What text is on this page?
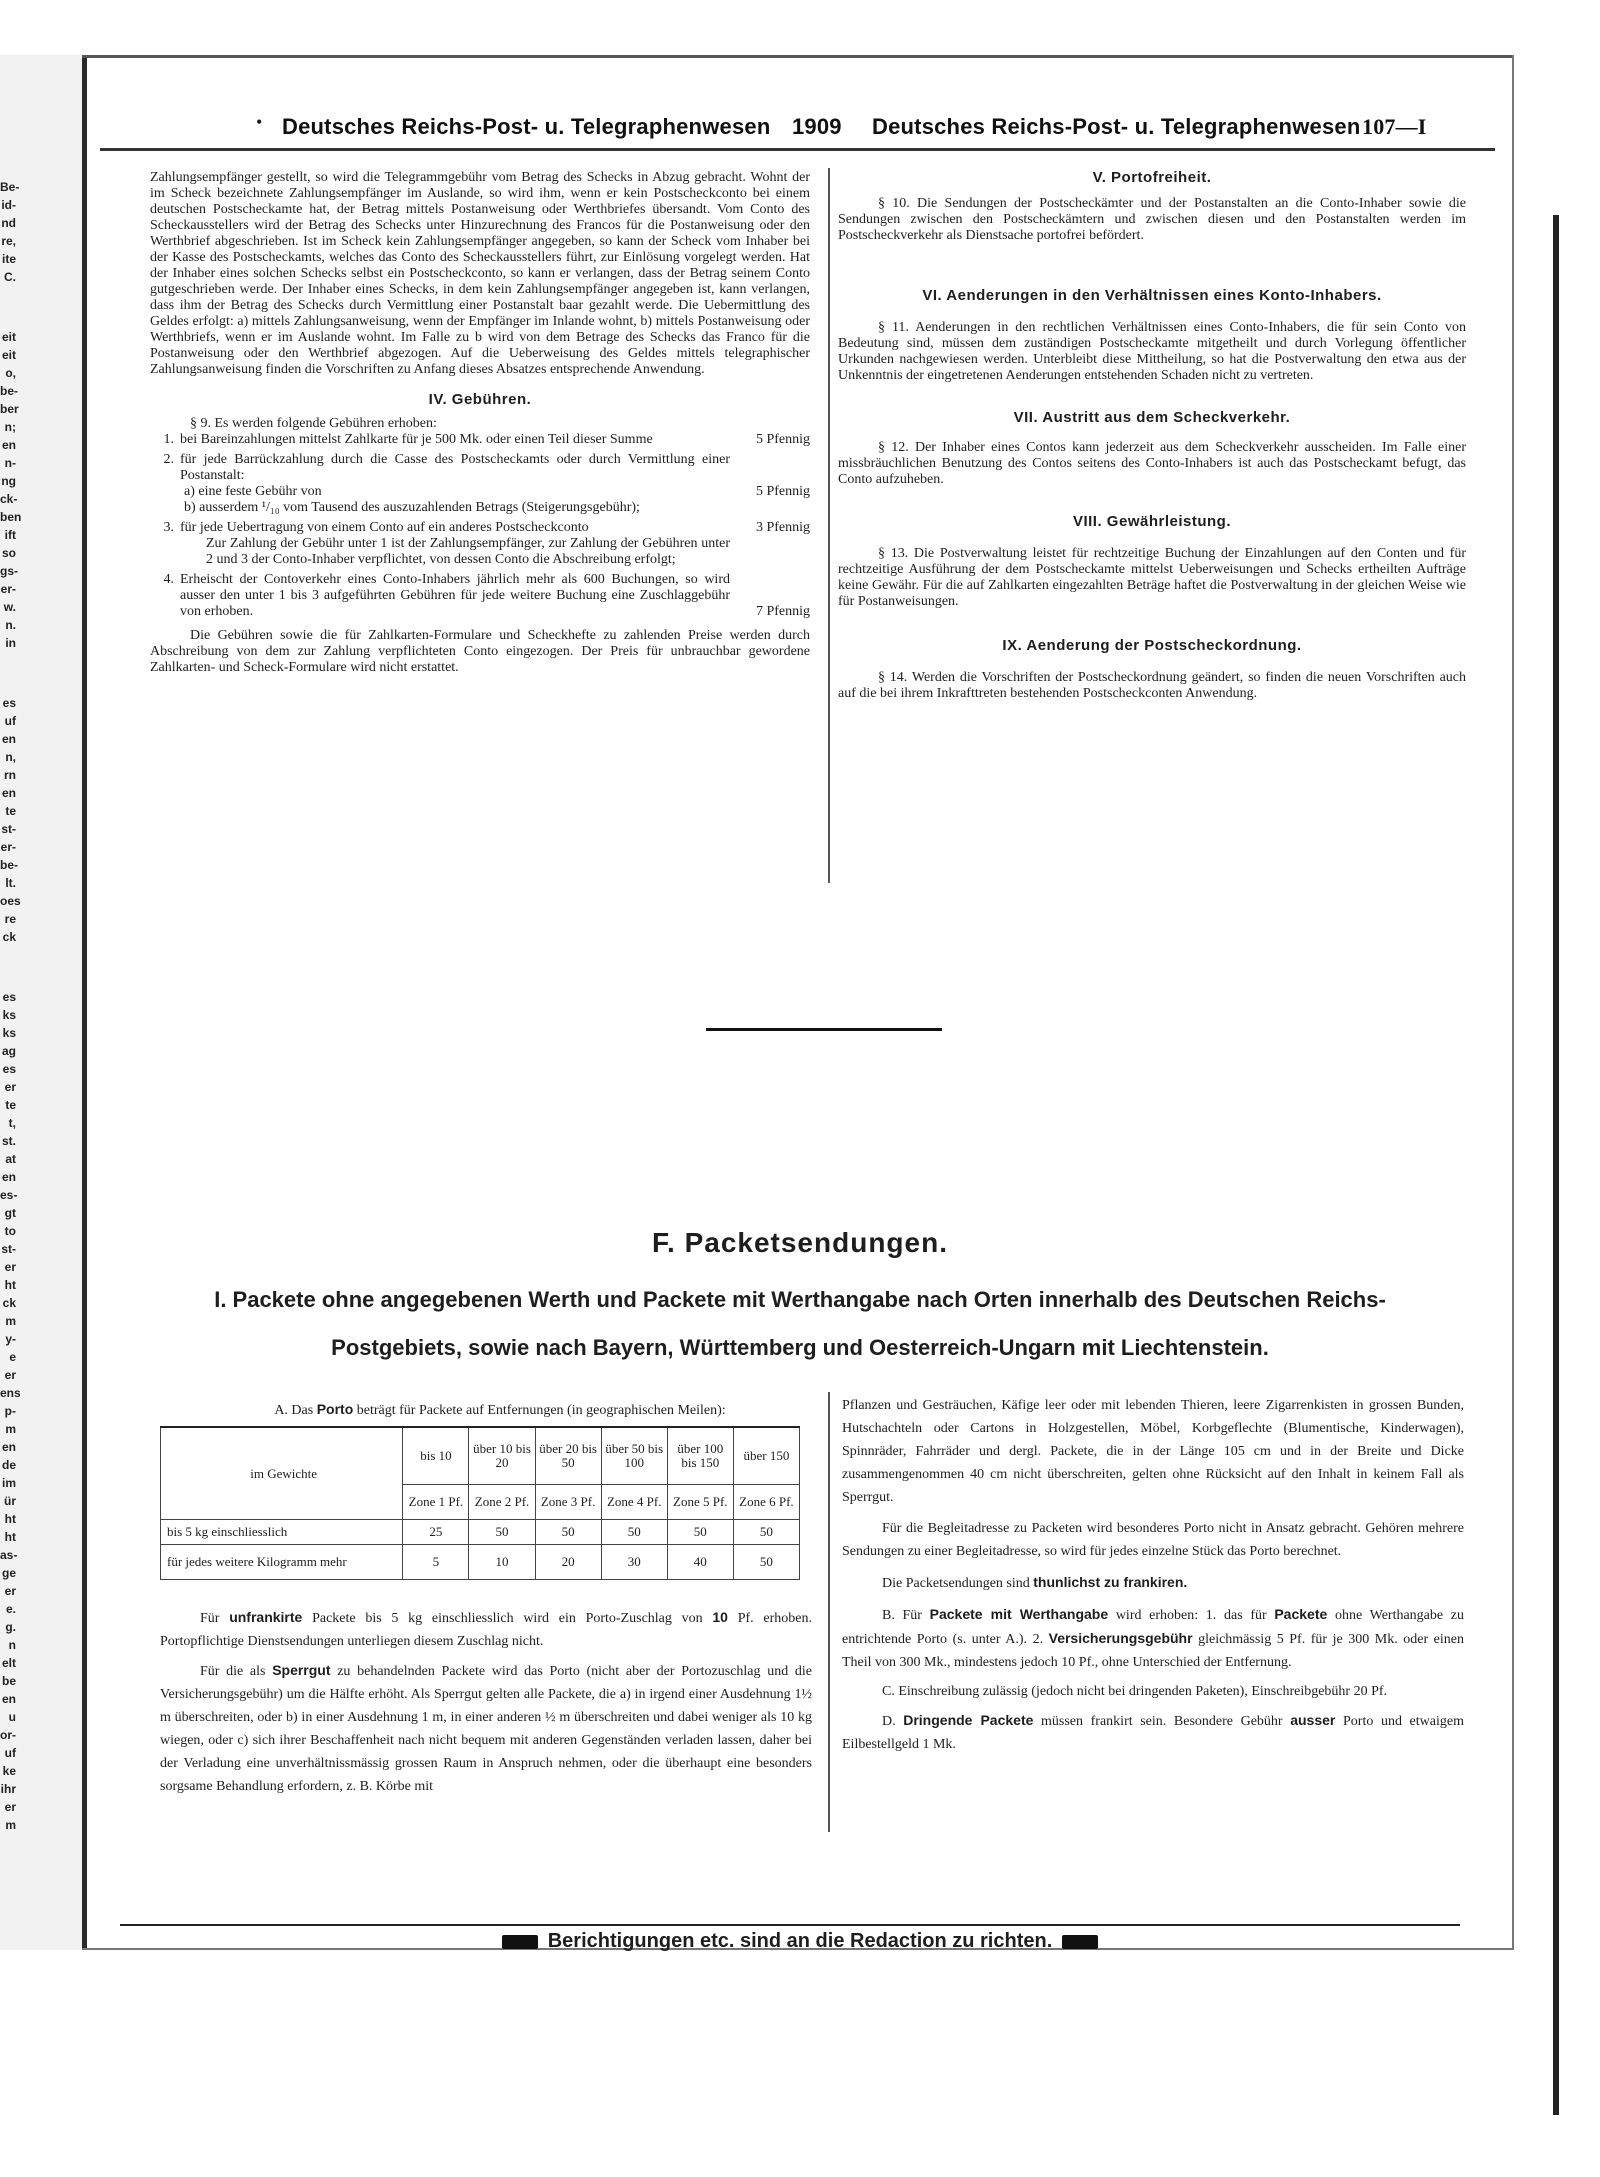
Be-
id-
nd
re,
ite
C.
eit
eit
o,
be-
ber
n;
en
n-
ng
ck-
ben
ift
so
gs-
er-
w.
n.
in
es
uf
en
n,
rn
en
te
st-
er-
be-
lt.
oes
re
ck
es
ks
ks
ag
es
er
te
t,
st.
at
en
es-
gt
to
st-
er
ht
ck
m
y-
e
er
ens
p-
m
en
de
im
ür
ht
ht
as-
ge
er
e.
g.
n
elt
be
en
u
or-
uf
ke
ihr
er
m
• Deutsches Reichs-Post- u. Telegraphenwesen 1909 Deutsches Reichs-Post- u. Telegraphenwesen 107—I

Zahlungsempfänger gestellt, so wird die Telegrammgebühr vom Betrag des Schecks in Abzug gebracht. Wohnt der im Scheck bezeichnete Zahlungsempfänger im Auslande, so wird ihm, wenn er kein Postscheckconto bei einem deutschen Postscheckamte hat, der Betrag mittels Postanweisung oder Werthbriefes übersandt. Vom Conto des Scheckausstellers wird der Betrag des Schecks unter Hinzurechnung des Francos für die Postanweisung oder den Werthbrief abgeschrieben. Ist im Scheck kein Zahlungsempfänger angegeben, so kann der Scheck vom Inhaber bei der Kasse des Postscheckamts, welches das Conto des Scheckausstellers führt, zur Einlösung vorgelegt werden. Hat der Inhaber eines solchen Schecks selbst ein Postscheckconto, so kann er verlangen, dass der Betrag seinem Conto gutgeschrieben werde. Der Inhaber eines Schecks, in dem kein Zahlungsempfänger angegeben ist, kann verlangen, dass ihm der Betrag des Schecks durch Vermittlung einer Postanstalt baar gezahlt werde. Die Uebermittlung des Geldes erfolgt: a) mittels Zahlungsanweisung, wenn der Empfänger im Inlande wohnt, b) mittels Postanweisung oder Werthbriefs, wenn er im Auslande wohnt. Im Falle zu b wird von dem Betrage des Schecks das Franco für die Postanweisung oder den Werthbrief abgezogen. Auf die Ueberweisung des Geldes mittels telegraphischer Zahlungsanweisung finden die Vorschriften zu Anfang dieses Absatzes entsprechende Anwendung.

IV. Gebühren.

§ 9. Es werden folgende Gebühren erhoben:

1. bei Bareinzahlungen mittelst Zahlkarte für je 500 Mk. oder einen Teil dieser Summe	5 Pfennig
2. für jede Barrückzahlung durch die Casse des Postscheckamts oder durch Vermittlung einer Postanstalt:
a) eine feste Gebühr von	5 Pfennig
b) ausserdem ¹/₁₀ vom Tausend des auszuzahlenden Betrags (Steigerungsgebühr);
3. für jede Uebertragung von einem Conto auf ein anderes Postscheckconto	3 Pfennig
Zur Zahlung der Gebühr unter 1 ist der Zahlungsempfänger, zur Zahlung der Gebühren unter 2 und 3 der Conto-Inhaber verpflichtet, von dessen Conto die Abschreibung erfolgt;
4. Erheischt der Contoverkehr eines Conto-Inhabers jährlich mehr als 600 Buchungen, so wird ausser den unter 1 bis 3 aufgeführten Gebühren für jede weitere Buchung eine Zuschlaggebühr von erhoben.	7 Pfennig

Die Gebühren sowie die für Zahlkarten-Formulare und Scheckhefte zu zahlenden Preise werden durch Abschreibung von dem zur Zahlung verpflichteten Conto eingezogen. Der Preis für unbrauchbar gewordene Zahlkarten- und Scheck-Formulare wird nicht erstattet.

V. Portofreiheit.

§ 10. Die Sendungen der Postscheckämter und der Postanstalten an die Conto-Inhaber sowie die Sendungen zwischen den Postscheckämtern und zwischen diesen und den Postanstalten werden im Postscheckverkehr als Dienstsache portofrei befördert.

VI. Aenderungen in den Verhältnissen eines Konto-Inhabers.

§ 11. Aenderungen in den rechtlichen Verhältnissen eines Conto-Inhabers, die für sein Conto von Bedeutung sind, müssen dem zuständigen Postscheckamte mitgetheilt und durch Vorlegung öffentlicher Urkunden nachgewiesen werden. Unterbleibt diese Mittheilung, so hat die Postverwaltung den etwa aus der Unkenntnis der eingetretenen Aenderungen entstehenden Schaden nicht zu vertreten.

VII. Austritt aus dem Scheckverkehr.

§ 12. Der Inhaber eines Contos kann jederzeit aus dem Scheckverkehr ausscheiden. Im Falle einer missbräuchlichen Benutzung des Contos seitens des Conto-Inhabers ist auch das Postscheckamt befugt, das Conto aufzuheben.

VIII. Gewährleistung.

§ 13. Die Postverwaltung leistet für rechtzeitige Buchung der Einzahlungen auf den Conten und für rechtzeitige Ausführung der dem Postscheckamte mittelst Ueberweisungen und Schecks ertheilten Aufträge keine Gewähr. Für die auf Zahlkarten eingezahlten Beträge haftet die Postverwaltung in der gleichen Weise wie für Postanweisungen.

IX. Aenderung der Postscheckordnung.

§ 14. Werden die Vorschriften der Postscheckordnung geändert, so finden die neuen Vorschriften auch auf die bei ihrem Inkrafttreten bestehenden Postscheckconten Anwendung.

F. Packetsendungen.
I. Packete ohne angegebenen Werth und Packete mit Werthangabe nach Orten innerhalb des Deutschen Reichs-
Postgebiets, sowie nach Bayern, Württemberg und Oesterreich-Ungarn mit Liechtenstein.
A. Das Porto beträgt für Packete auf Entfernungen (in geographischen Meilen):
im Gewichte	bis 10	über 10 bis 20	über 20 bis 50	über 50 bis 100	über 100 bis 150	über 150
	Zone 1 Pf.	Zone 2 Pf.	Zone 3 Pf.	Zone 4 Pf.	Zone 5 Pf.	Zone 6 Pf.
bis 5 kg einschliesslich	25	50	50	50	50	50
für jedes weitere Kilogramm mehr	5	10	20	30	40	50

Für unfrankirte Packete bis 5 kg einschliesslich wird ein Porto-Zuschlag von 10 Pf. erhoben. Portopflichtige Dienstsendungen unterliegen diesem Zuschlag nicht.

Für die als Sperrgut zu behandelnden Packete wird das Porto (nicht aber der Portozuschlag und die Versicherungsgebühr) um die Hälfte erhöht. Als Sperrgut gelten alle Packete, die a) in irgend einer Ausdehnung 1½ m überschreiten, oder b) in einer Ausdehnung 1 m, in einer anderen ½ m überschreiten und dabei weniger als 10 kg wiegen, oder c) sich ihrer Beschaffenheit nach nicht bequem mit anderen Gegenständen verladen lassen, daher bei der Verladung eine unverhältnissmässig grossen Raum in Anspruch nehmen, oder die überhaupt eine besonders sorgsame Behandlung erfordern, z. B. Körbe mit

Pflanzen und Gesträuchen, Käfige leer oder mit lebenden Thieren, leere Zigarrenkisten in grossen Bunden, Hutschachteln oder Cartons in Holzgestellen, Möbel, Korbgeflechte (Blumentische, Kinderwagen), Spinnräder, Fahrräder und dergl. Packete, die in der Länge 105 cm und in der Breite und Dicke zusammengenommen 40 cm nicht überschreiten, gelten ohne Rücksicht auf den Inhalt in keinem Fall als Sperrgut.

Für die Begleitadresse zu Packeten wird besonderes Porto nicht in Ansatz gebracht. Gehören mehrere Sendungen zu einer Begleitadresse, so wird für jedes einzelne Stück das Porto berechnet.

Die Packetsendungen sind thunlichst zu frankiren.

B. Für Packete mit Werthangabe wird erhoben: 1. das für Packete ohne Werthangabe zu entrichtende Porto (s. unter A.). 2. Versicherungsgebühr gleichmässig 5 Pf. für je 300 Mk. oder einen Theil von 300 Mk., mindestens jedoch 10 Pf., ohne Unterschied der Entfernung.

C. Einschreibung zulässig (jedoch nicht bei dringenden Paketen), Einschreibgebühr 20 Pf.

D. Dringende Packete müssen frankirt sein. Besondere Gebühr ausser Porto und etwaigem Eilbestellgeld 1 Mk.

Berichtigungen etc. sind an die Redaction zu richten.
